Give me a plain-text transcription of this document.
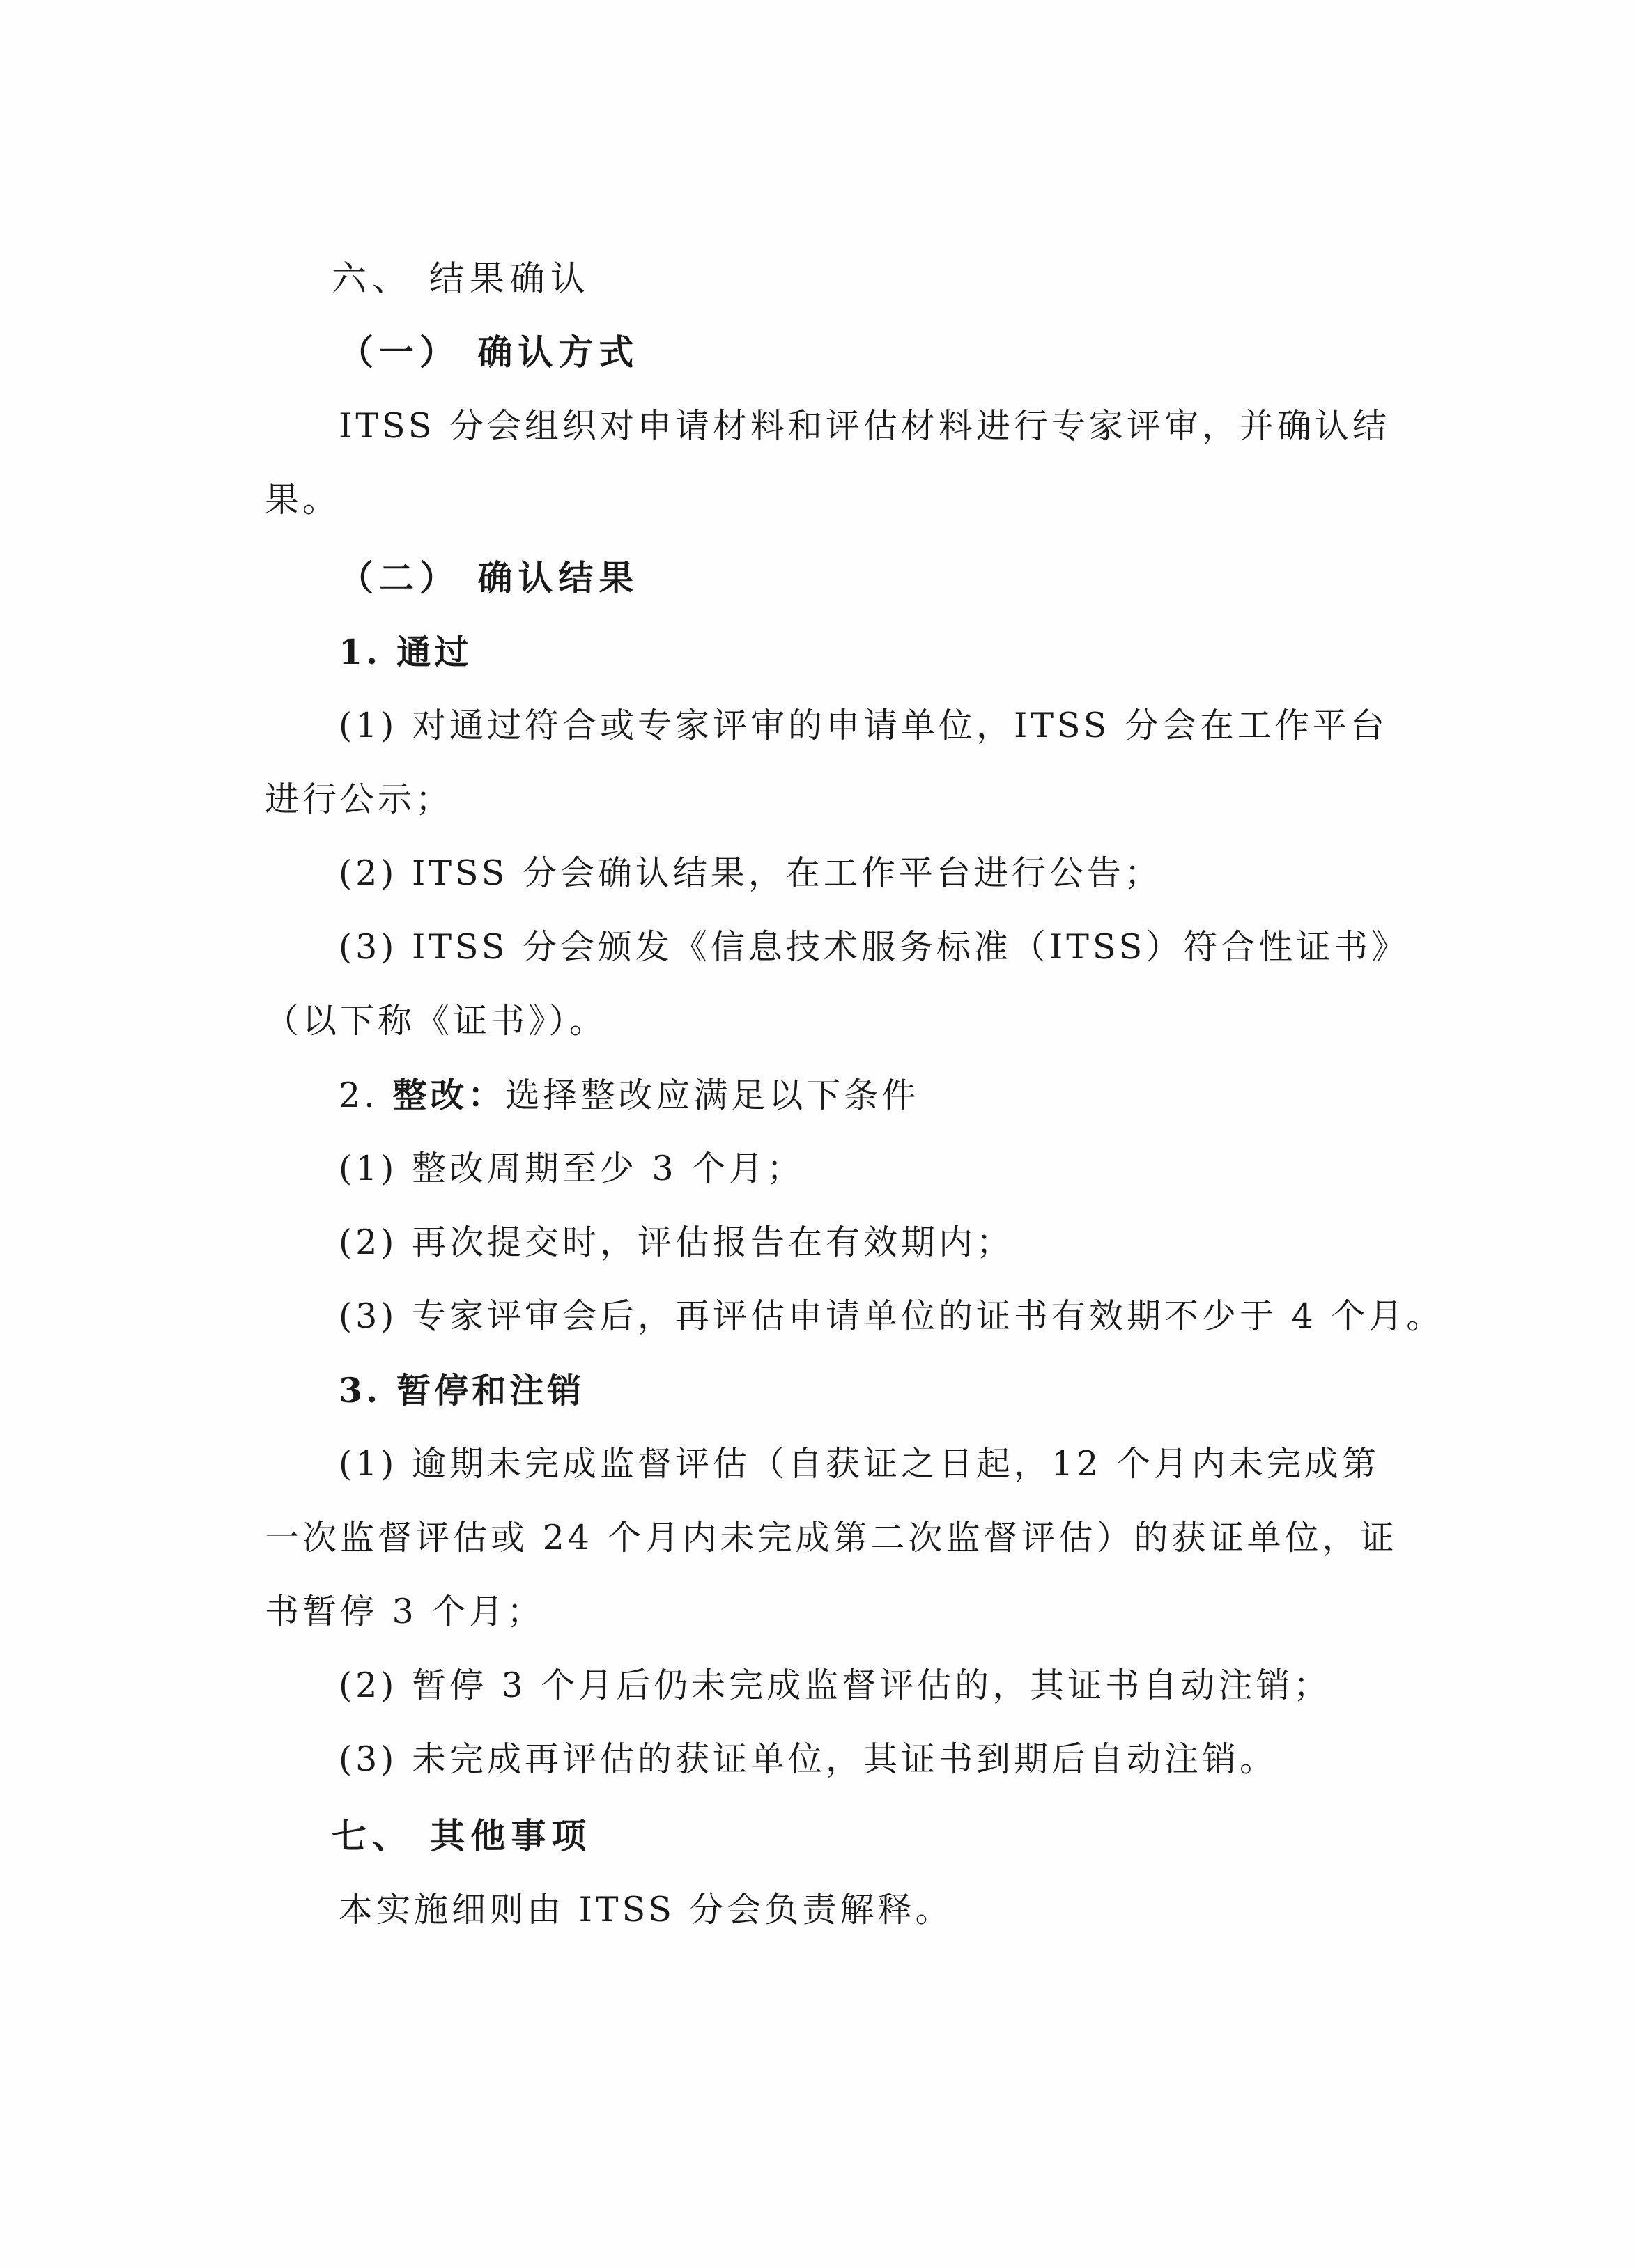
六、 结果确认
（一） 确认方式
ITSS 分会组织对申请材料和评估材料进行专家评审，并确认结
果。
（二） 确认结果
1. 通过
(1) 对通过符合或专家评审的申请单位，ITSS 分会在工作平台
进行公示；
(2) ITSS 分会确认结果，在工作平台进行公告；
(3) ITSS 分会颁发《信息技术服务标准（ITSS）符合性证书》
（以下称《证书》）。
2. 整改：选择整改应满足以下条件
(1) 整改周期至少 3 个月；
(2) 再次提交时，评估报告在有效期内；
(3) 专家评审会后，再评估申请单位的证书有效期不少于 4 个月。
3. 暂停和注销
(1) 逾期未完成监督评估（自获证之日起，12 个月内未完成第
一次监督评估或 24 个月内未完成第二次监督评估）的获证单位，证
书暂停 3 个月；
(2) 暂停 3 个月后仍未完成监督评估的，其证书自动注销；
(3) 未完成再评估的获证单位，其证书到期后自动注销。
七、 其他事项
本实施细则由 ITSS 分会负责解释。
